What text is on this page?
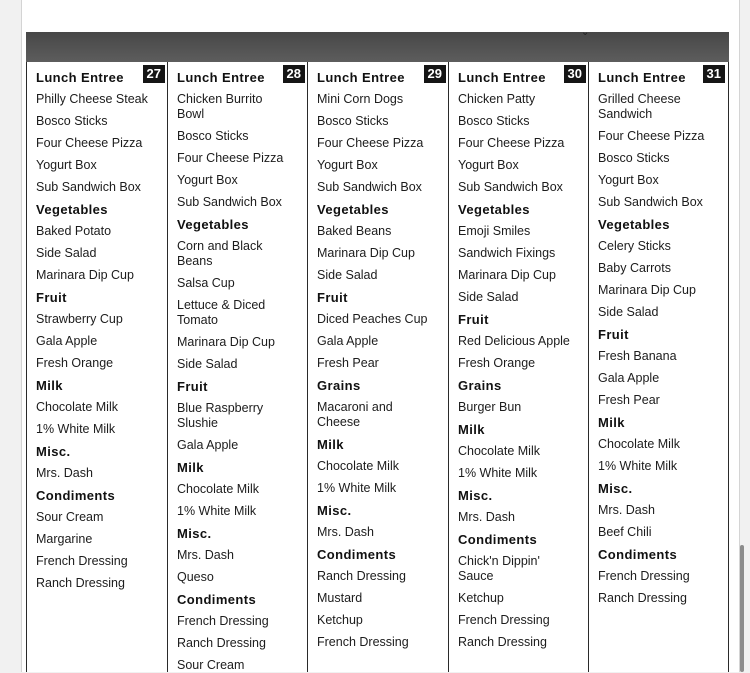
⌄
27
Lunch Entree
Philly Cheese Steak
Bosco Sticks
Four Cheese Pizza
Yogurt Box
Sub Sandwich Box
Vegetables
Baked Potato
Side Salad
Marinara Dip Cup
Fruit
Strawberry Cup
Gala Apple
Fresh Orange
Milk
Chocolate Milk
1% White Milk
Misc.
Mrs. Dash
Condiments
Sour Cream
Margarine
French Dressing
Ranch Dressing
28
Lunch Entree
Chicken Burrito Bowl
Bosco Sticks
Four Cheese Pizza
Yogurt Box
Sub Sandwich Box
Vegetables
Corn and Black Beans
Salsa Cup
Lettuce & Diced Tomato
Marinara Dip Cup
Side Salad
Fruit
Blue Raspberry Slushie
Gala Apple
Milk
Chocolate Milk
1% White Milk
Misc.
Mrs. Dash
Queso
Condiments
French Dressing
Ranch Dressing
Sour Cream
29
Lunch Entree
Mini Corn Dogs
Bosco Sticks
Four Cheese Pizza
Yogurt Box
Sub Sandwich Box
Vegetables
Baked Beans
Marinara Dip Cup
Side Salad
Fruit
Diced Peaches Cup
Gala Apple
Fresh Pear
Grains
Macaroni and Cheese
Milk
Chocolate Milk
1% White Milk
Misc.
Mrs. Dash
Condiments
Ranch Dressing
Mustard
Ketchup
French Dressing
30
Lunch Entree
Chicken Patty
Bosco Sticks
Four Cheese Pizza
Yogurt Box
Sub Sandwich Box
Vegetables
Emoji Smiles
Sandwich Fixings
Marinara Dip Cup
Side Salad
Fruit
Red Delicious Apple
Fresh Orange
Grains
Burger Bun
Milk
Chocolate Milk
1% White Milk
Misc.
Mrs. Dash
Condiments
Chick'n Dippin' Sauce
Ketchup
French Dressing
Ranch Dressing
31
Lunch Entree
Grilled Cheese Sandwich
Four Cheese Pizza
Bosco Sticks
Yogurt Box
Sub Sandwich Box
Vegetables
Celery Sticks
Baby Carrots
Marinara Dip Cup
Side Salad
Fruit
Fresh Banana
Gala Apple
Fresh Pear
Milk
Chocolate Milk
1% White Milk
Misc.
Mrs. Dash
Beef Chili
Condiments
French Dressing
Ranch Dressing
